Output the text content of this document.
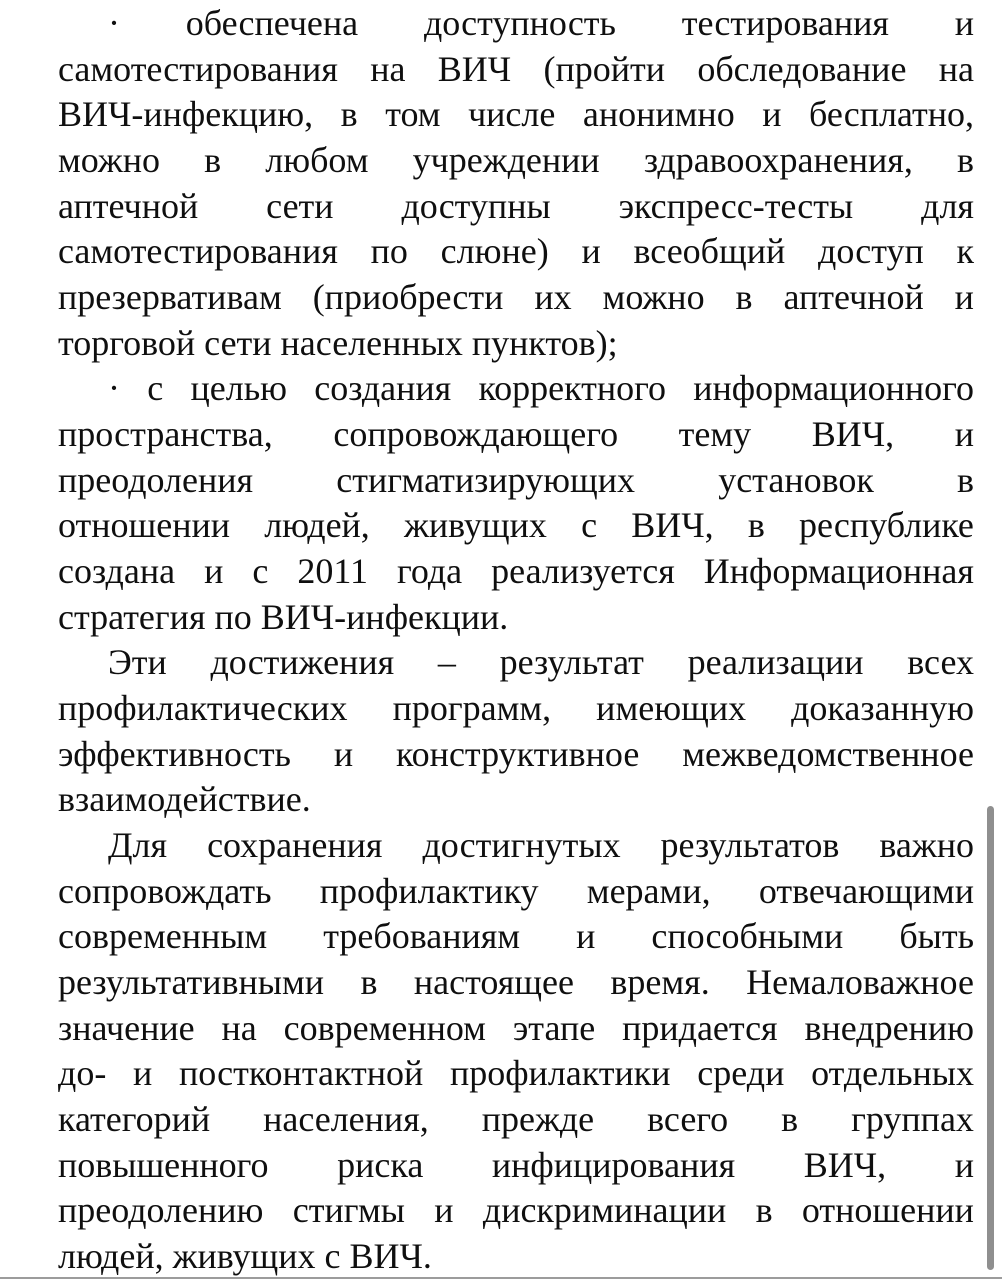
· обеспечена доступность тестирования и
самотестирования на ВИЧ (пройти обследование на
ВИЧ-инфекцию, в том числе анонимно и бесплатно,
можно в любом учреждении здравоохранения, в
аптечной сети доступны экспресс-тесты для
самотестирования по слюне) и всеобщий доступ к
презервативам (приобрести их можно в аптечной и
торговой сети населенных пунктов);
· с целью создания корректного информационного
пространства, сопровождающего тему ВИЧ, и
преодоления стигматизирующих установок в
отношении людей, живущих с ВИЧ, в республике
создана и с 2011 года реализуется Информационная
стратегия по ВИЧ-инфекции.
Эти достижения – результат реализации всех
профилактических программ, имеющих доказанную
эффективность и конструктивное межведомственное
взаимодействие.
Для сохранения достигнутых результатов важно
сопровождать профилактику мерами, отвечающими
современным требованиям и способными быть
результативными в настоящее время. Немаловажное
значение на современном этапе придается внедрению
до- и постконтактной профилактики среди отдельных
категорий населения, прежде всего в группах
повышенного риска инфицирования ВИЧ, и
преодолению стигмы и дискриминации в отношении
людей, живущих с ВИЧ.
